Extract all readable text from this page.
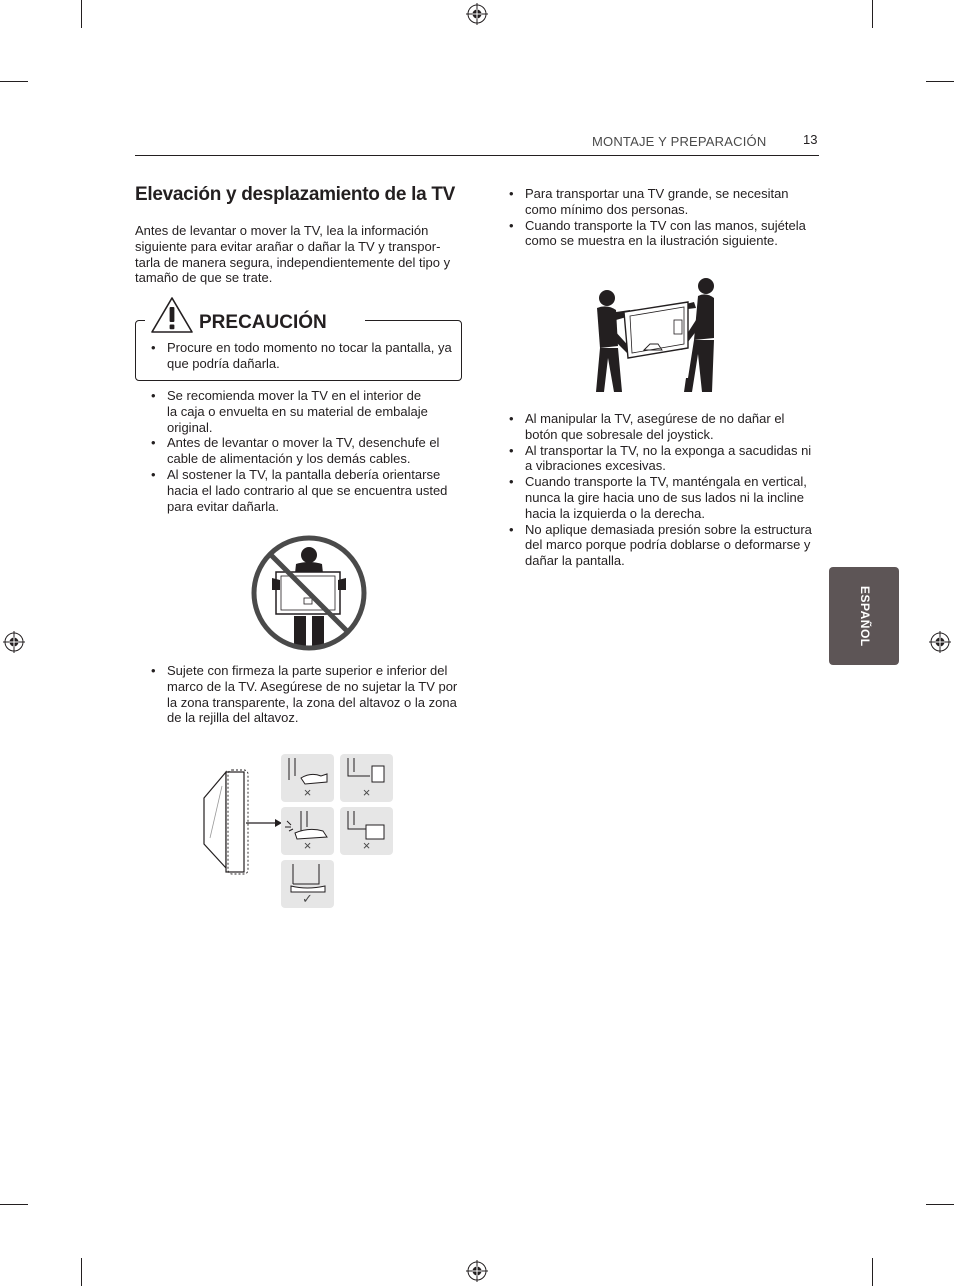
MONTAJE Y PREPARACIÓN	13
ESPAÑOL
Elevación y desplazamiento de la TV
Antes de levantar o mover la TV, lea la información
siguiente para evitar arañar o dañar la TV y transpor-
tarla de manera segura, independientemente del tipo y
tamaño de que se trate.
PRECAUCIÓN
• Procure en todo momento no tocar la pantalla, ya que podría dañarla.
• Se recomienda mover la TV en el interior de la caja o envuelta en su material de embalaje original.
• Antes de levantar o mover la TV, desenchufe el cable de alimentación y los demás cables.
• Al sostener la TV, la pantalla debería orientarse hacia el lado contrario al que se encuentra usted para evitar dañarla.
• Sujete con firmeza la parte superior e inferior del marco de la TV. Asegúrese de no sujetar la TV por la zona transparente, la zona del altavoz o la zona de la rejilla del altavoz.
×	×
×	×
✓
• Para transportar una TV grande, se necesitan como mínimo dos personas.
• Cuando transporte la TV con las manos, sujétela como se muestra en la ilustración siguiente.
• Al manipular la TV, asegúrese de no dañar el botón que sobresale del joystick.
• Al transportar la TV, no la exponga a sacudidas ni a vibraciones excesivas.
• Cuando transporte la TV, manténgala en vertical, nunca la gire hacia uno de sus lados ni la incline hacia la izquierda o la derecha.
• No aplique demasiada presión sobre la estructura del marco porque podría doblarse o deformarse y dañar la pantalla.
